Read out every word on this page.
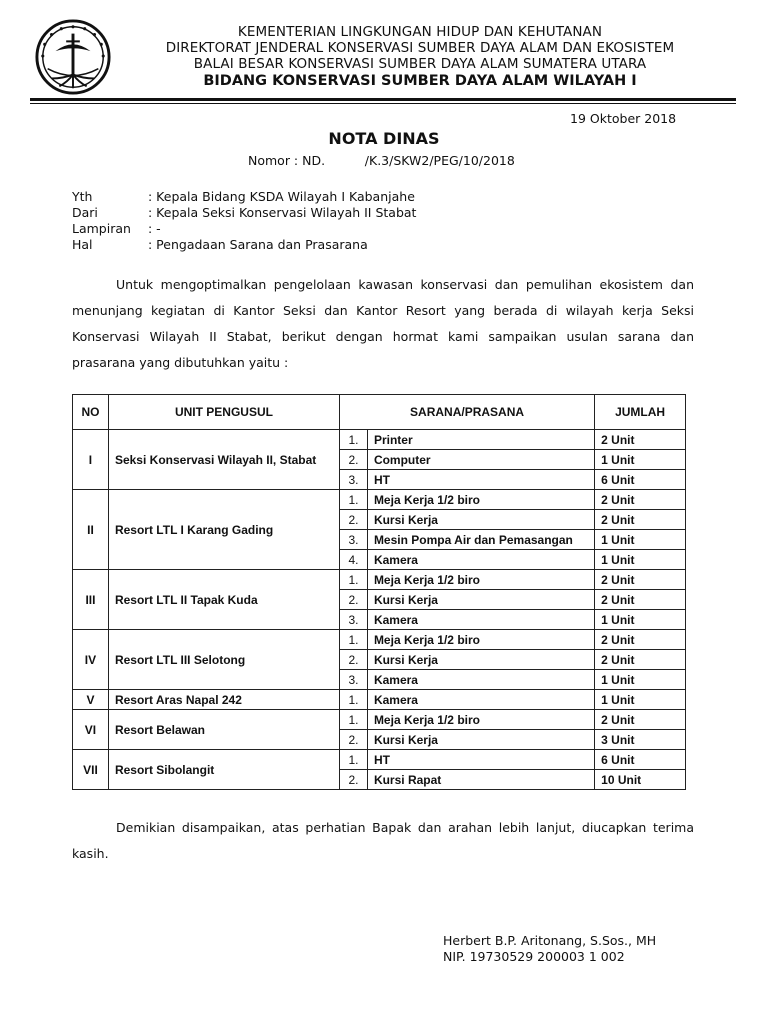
KEMENTERIAN LINGKUNGAN HIDUP DAN KEHUTANAN
DIREKTORAT JENDERAL KONSERVASI SUMBER DAYA ALAM DAN EKOSISTEM
BALAI BESAR KONSERVASI SUMBER DAYA ALAM SUMATERA UTARA
BIDANG KONSERVASI SUMBER DAYA ALAM WILAYAH I
19 Oktober 2018
NOTA DINAS
Nomor : ND.          /K.3/SKW2/PEG/10/2018
Yth	: Kepala Bidang KSDA Wilayah I Kabanjahe
Dari	: Kepala Seksi Konservasi Wilayah II Stabat
Lampiran	: -
Hal	: Pengadaan Sarana dan Prasarana
Untuk mengoptimalkan pengelolaan kawasan konservasi dan pemulihan ekosistem dan menunjang kegiatan di Kantor Seksi dan Kantor Resort yang berada di wilayah kerja Seksi Konservasi Wilayah II Stabat, berikut dengan hormat kami sampaikan usulan sarana dan prasarana yang dibutuhkan yaitu :
NO	UNIT PENGUSUL	SARANA/PRASANA		JUMLAH
I	Seksi Konservasi Wilayah II, Stabat	1.	Printer	2 Unit
		2.	Computer	1 Unit
		3.	HT	6 Unit
II	Resort LTL I Karang Gading	1.	Meja Kerja 1/2 biro	2 Unit
		2.	Kursi Kerja	2 Unit
		3.	Mesin Pompa Air dan Pemasangan	1 Unit
		4.	Kamera	1 Unit
III	Resort LTL II Tapak Kuda	1.	Meja Kerja 1/2 biro	2 Unit
		2.	Kursi Kerja	2 Unit
		3.	Kamera	1 Unit
IV	Resort LTL III Selotong	1.	Meja Kerja 1/2 biro	2 Unit
		2.	Kursi Kerja	2 Unit
		3.	Kamera	1 Unit
V	Resort Aras Napal 242	1.	Kamera	1 Unit
VI	Resort Belawan	1.	Meja Kerja 1/2 biro	2 Unit
		2.	Kursi Kerja	3 Unit
VII	Resort Sibolangit	1.	HT	6 Unit
		2.	Kursi Rapat	10 Unit
Demikian disampaikan, atas perhatian Bapak dan arahan lebih lanjut, diucapkan terima kasih.
Herbert B.P. Aritonang, S.Sos., MH
NIP. 19730529 200003 1 002
